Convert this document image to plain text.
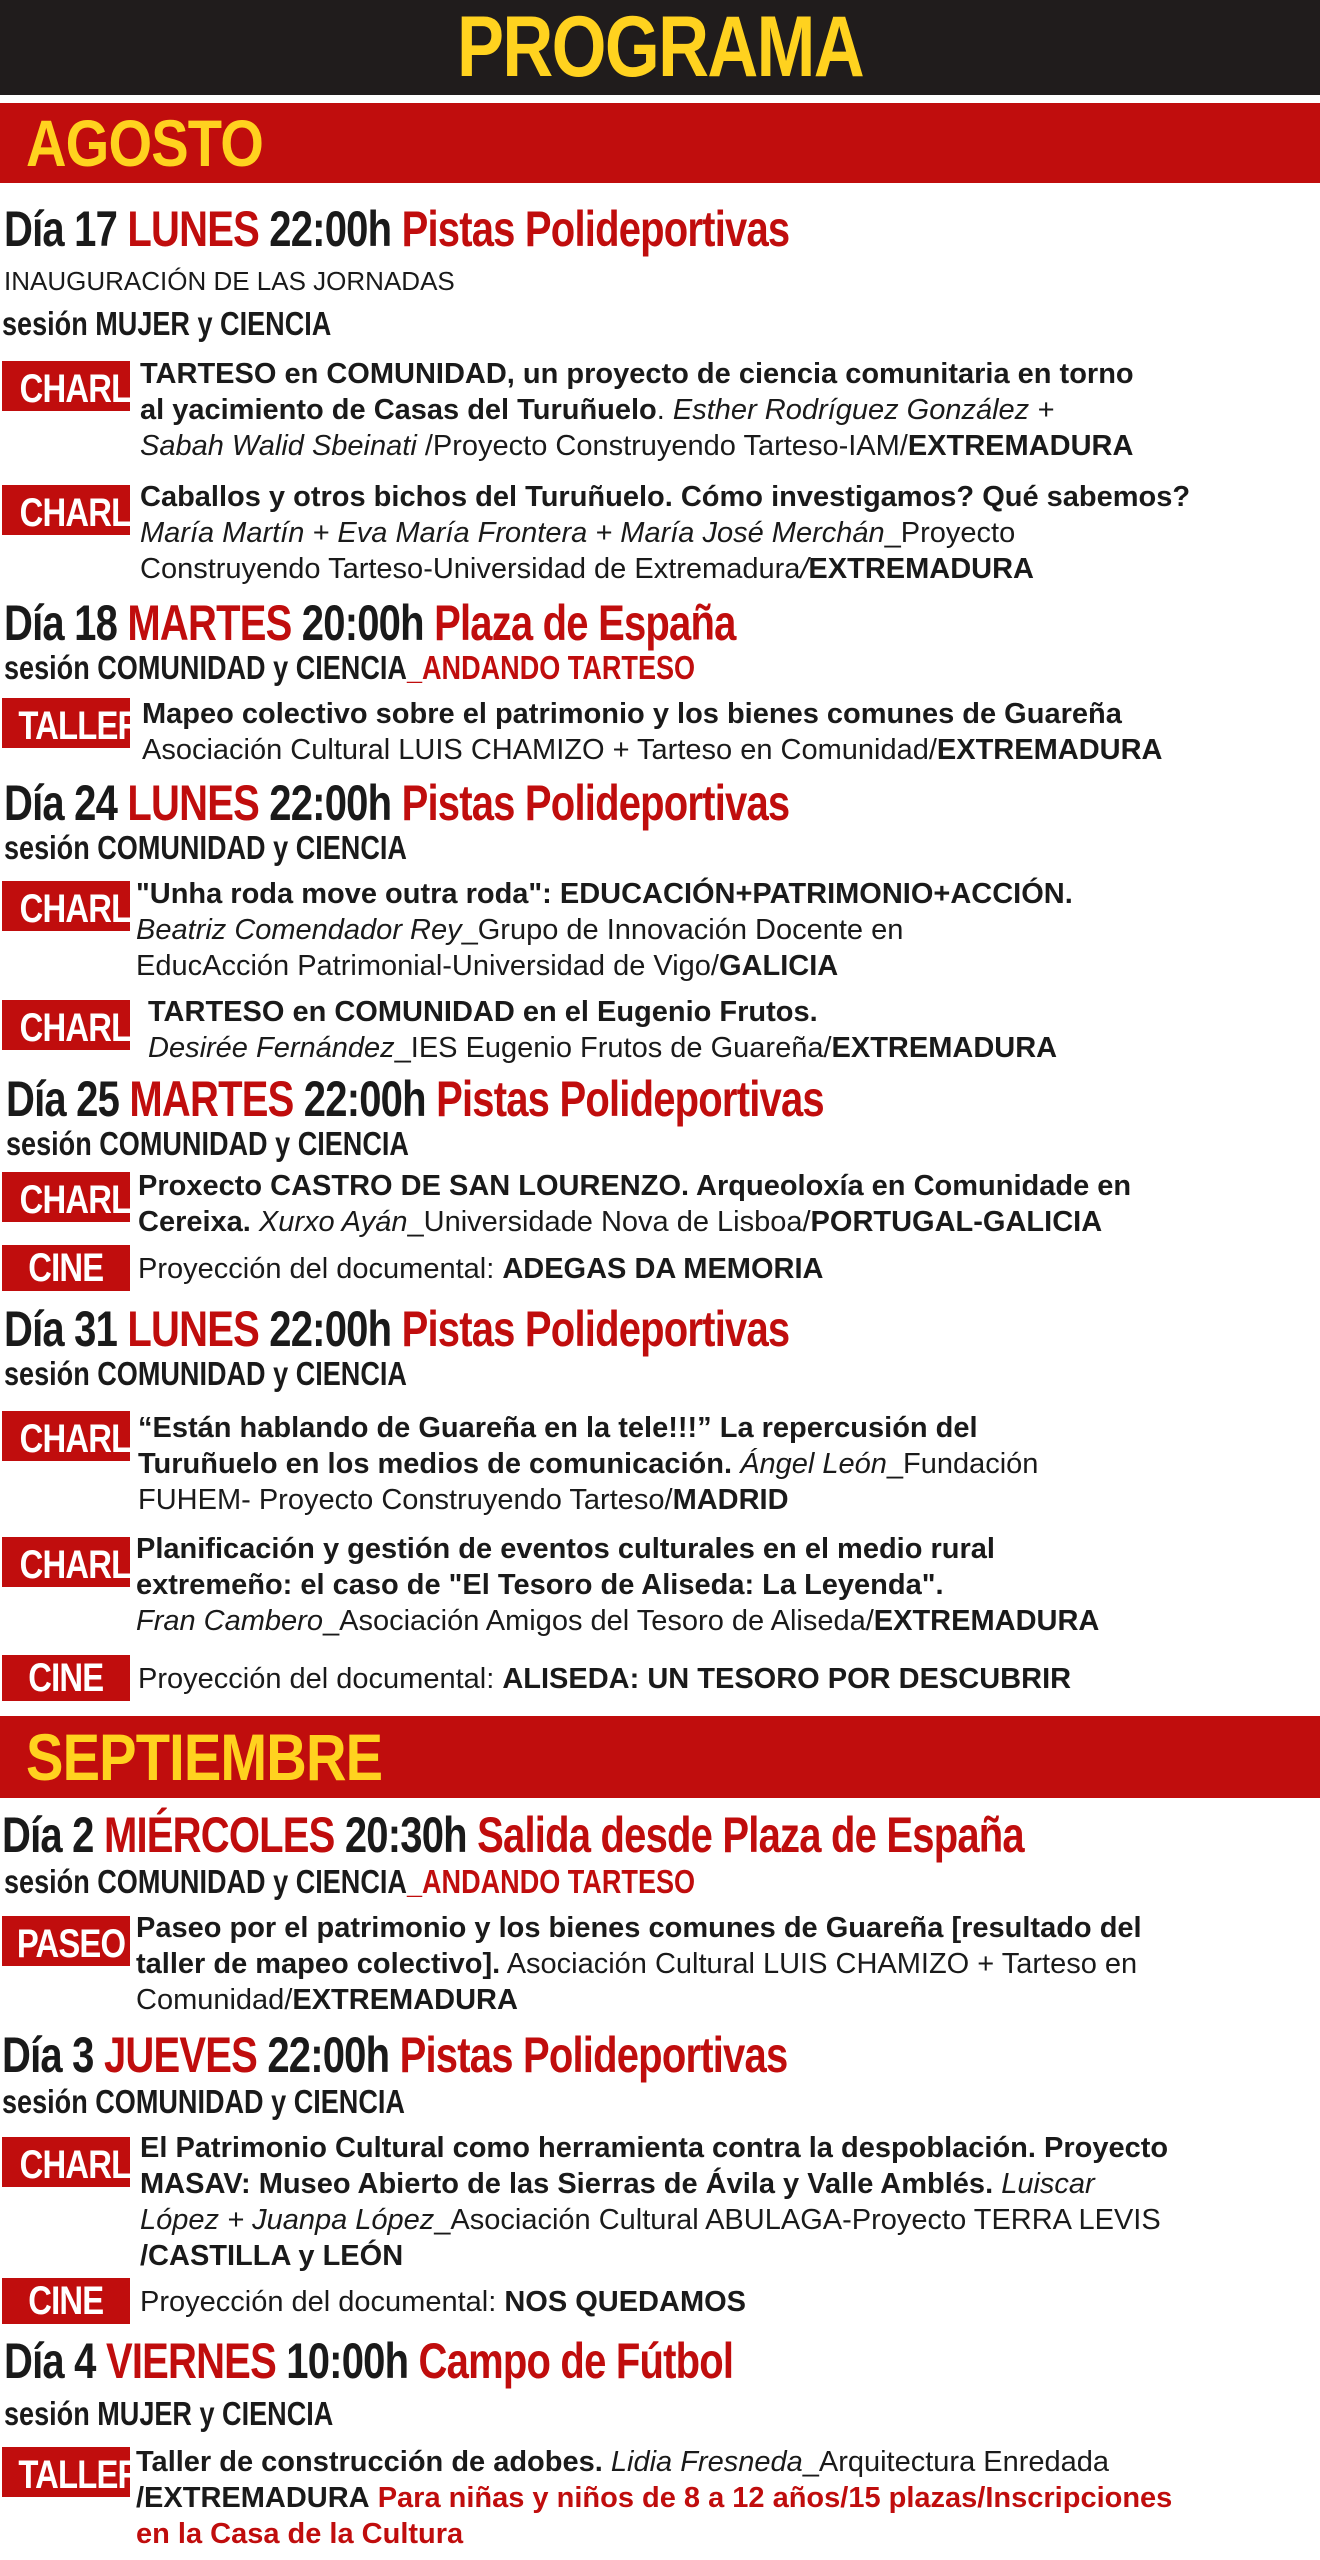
PROGRAMA
AGOSTO
Día 17 LUNES 22:00h Pistas Polideportivas
INAUGURACIÓN DE LAS JORNADAS
sesión MUJER y CIENCIA
CHARLA
TARTESO en COMUNIDAD, un proyecto de ciencia comunitaria en torno
al yacimiento de Casas del Turuñuelo. Esther Rodríguez González +
Sabah Walid Sbeinati /Proyecto Construyendo Tarteso-IAM/EXTREMADURA
CHARLA
Caballos y otros bichos del Turuñuelo. Cómo investigamos? Qué sabemos?
María Martín + Eva María Frontera + María José Merchán_Proyecto
Construyendo Tarteso-Universidad de Extremadura/EXTREMADURA
Día 18 MARTES 20:00h Plaza de España
sesión COMUNIDAD y CIENCIA_ANDANDO TARTESO
TALLER Mapeo colectivo sobre el patrimonio y los bienes comunes de Guareña
Asociación Cultural LUIS CHAMIZO + Tarteso en Comunidad/EXTREMADURA
Día 24 LUNES 22:00h Pistas Polideportivas
sesión COMUNIDAD y CIENCIA
CHARLA
"Unha roda move outra roda": EDUCACIÓN+PATRIMONIO+ACCIÓN.
Beatriz Comendador Rey_Grupo de Innovación Docente en
EducAcción Patrimonial-Universidad de Vigo/GALICIA
CHARLA
TARTESO en COMUNIDAD en el Eugenio Frutos.
Desirée Fernández_IES Eugenio Frutos de Guareña/EXTREMADURA
Día 25 MARTES 22:00h Pistas Polideportivas
sesión COMUNIDAD y CIENCIA
CHARLA
Proxecto CASTRO DE SAN LOURENZO. Arqueoloxía en Comunidade en
Cereixa. Xurxo Ayán_Universidade Nova de Lisboa/PORTUGAL-GALICIA
CINE	Proyección del documental: ADEGAS DA MEMORIA
Día 31 LUNES 22:00h Pistas Polideportivas
sesión COMUNIDAD y CIENCIA
CHARLA
“Están hablando de Guareña en la tele!!!” La repercusión del
Turuñuelo en los medios de comunicación. Ángel León_Fundación
FUHEM- Proyecto Construyendo Tarteso/MADRID
CHARLA
Planificación y gestión de eventos culturales en el medio rural
extremeño: el caso de "El Tesoro de Aliseda: La Leyenda".
Fran Cambero_Asociación Amigos del Tesoro de Aliseda/EXTREMADURA
CINE	Proyección del documental: ALISEDA: UN TESORO POR DESCUBRIR
SEPTIEMBRE
Día 2 MIÉRCOLES 20:30h Salida desde Plaza de España
sesión COMUNIDAD y CIENCIA_ANDANDO TARTESO
PASEO Paseo por el patrimonio y los bienes comunes de Guareña [resultado del
taller de mapeo colectivo]. Asociación Cultural LUIS CHAMIZO + Tarteso en
Comunidad/EXTREMADURA
Día 3 JUEVES 22:00h Pistas Polideportivas
sesión COMUNIDAD y CIENCIA
CHARLA
El Patrimonio Cultural como herramienta contra la despoblación. Proyecto
MASAV: Museo Abierto de las Sierras de Ávila y Valle Amblés. Luiscar
López + Juanpa López_Asociación Cultural ABULAGA-Proyecto TERRA LEVIS
/CASTILLA y LEÓN
CINE	Proyección del documental: NOS QUEDAMOS
Día 4 VIERNES 10:00h Campo de Fútbol
sesión MUJER y CIENCIA
TALLER
Taller de construcción de adobes. Lidia Fresneda_Arquitectura Enredada
/EXTREMADURA Para niñas y niños de 8 a 12 años/15 plazas/Inscripciones
en la Casa de la Cultura
